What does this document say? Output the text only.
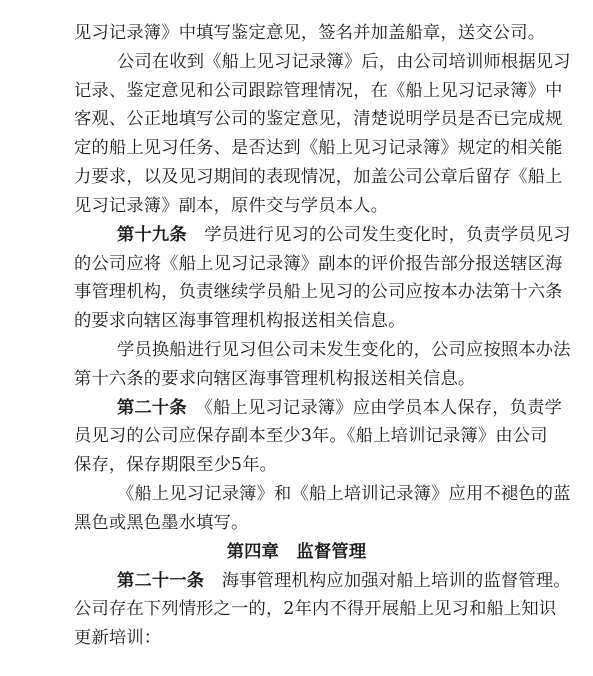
见习记录簿》中填写鉴定意见，签名并加盖船章，送交公司。
公司在收到《船上见习记录簿》后，由公司培训师根据见习
记录、鉴定意见和公司跟踪管理情况，在《船上见习记录簿》中
客观、公正地填写公司的鉴定意见，清楚说明学员是否已完成规
定的船上见习任务、是否达到《船上见习记录簿》规定的相关能
力要求，以及见习期间的表现情况，加盖公司公章后留存《船上
见习记录簿》副本，原件交与学员本人。
第十九条　 学员进行见习的公司发生变化时，负责学员见习
的公司应将《船上见习记录簿》副本的评价报告部分报送辖区海
事管理机构，负责继续学员船上见习的公司应按本办法第十六条
的要求向辖区海事管理机构报送相关信息。
学员换船进行见习但公司未发生变化的，公司应按照本办法
第十六条的要求向辖区海事管理机构报送相关信息。
第二十条　 《船上见习记录簿》应由学员本人保存，负责学
员见习的公司应保存副本至少3年。《船上培训记录簿》由公司
保存，保存期限至少5年。
《船上见习记录簿》和《船上培训记录簿》应用不褪色的蓝
黑色或黑色墨水填写。
第四章　监督管理
第二十一条　 海事管理机构应加强对船上培训的监督管理。
公司存在下列情形之一的，2年内不得开展船上见习和船上知识
更新培训：
